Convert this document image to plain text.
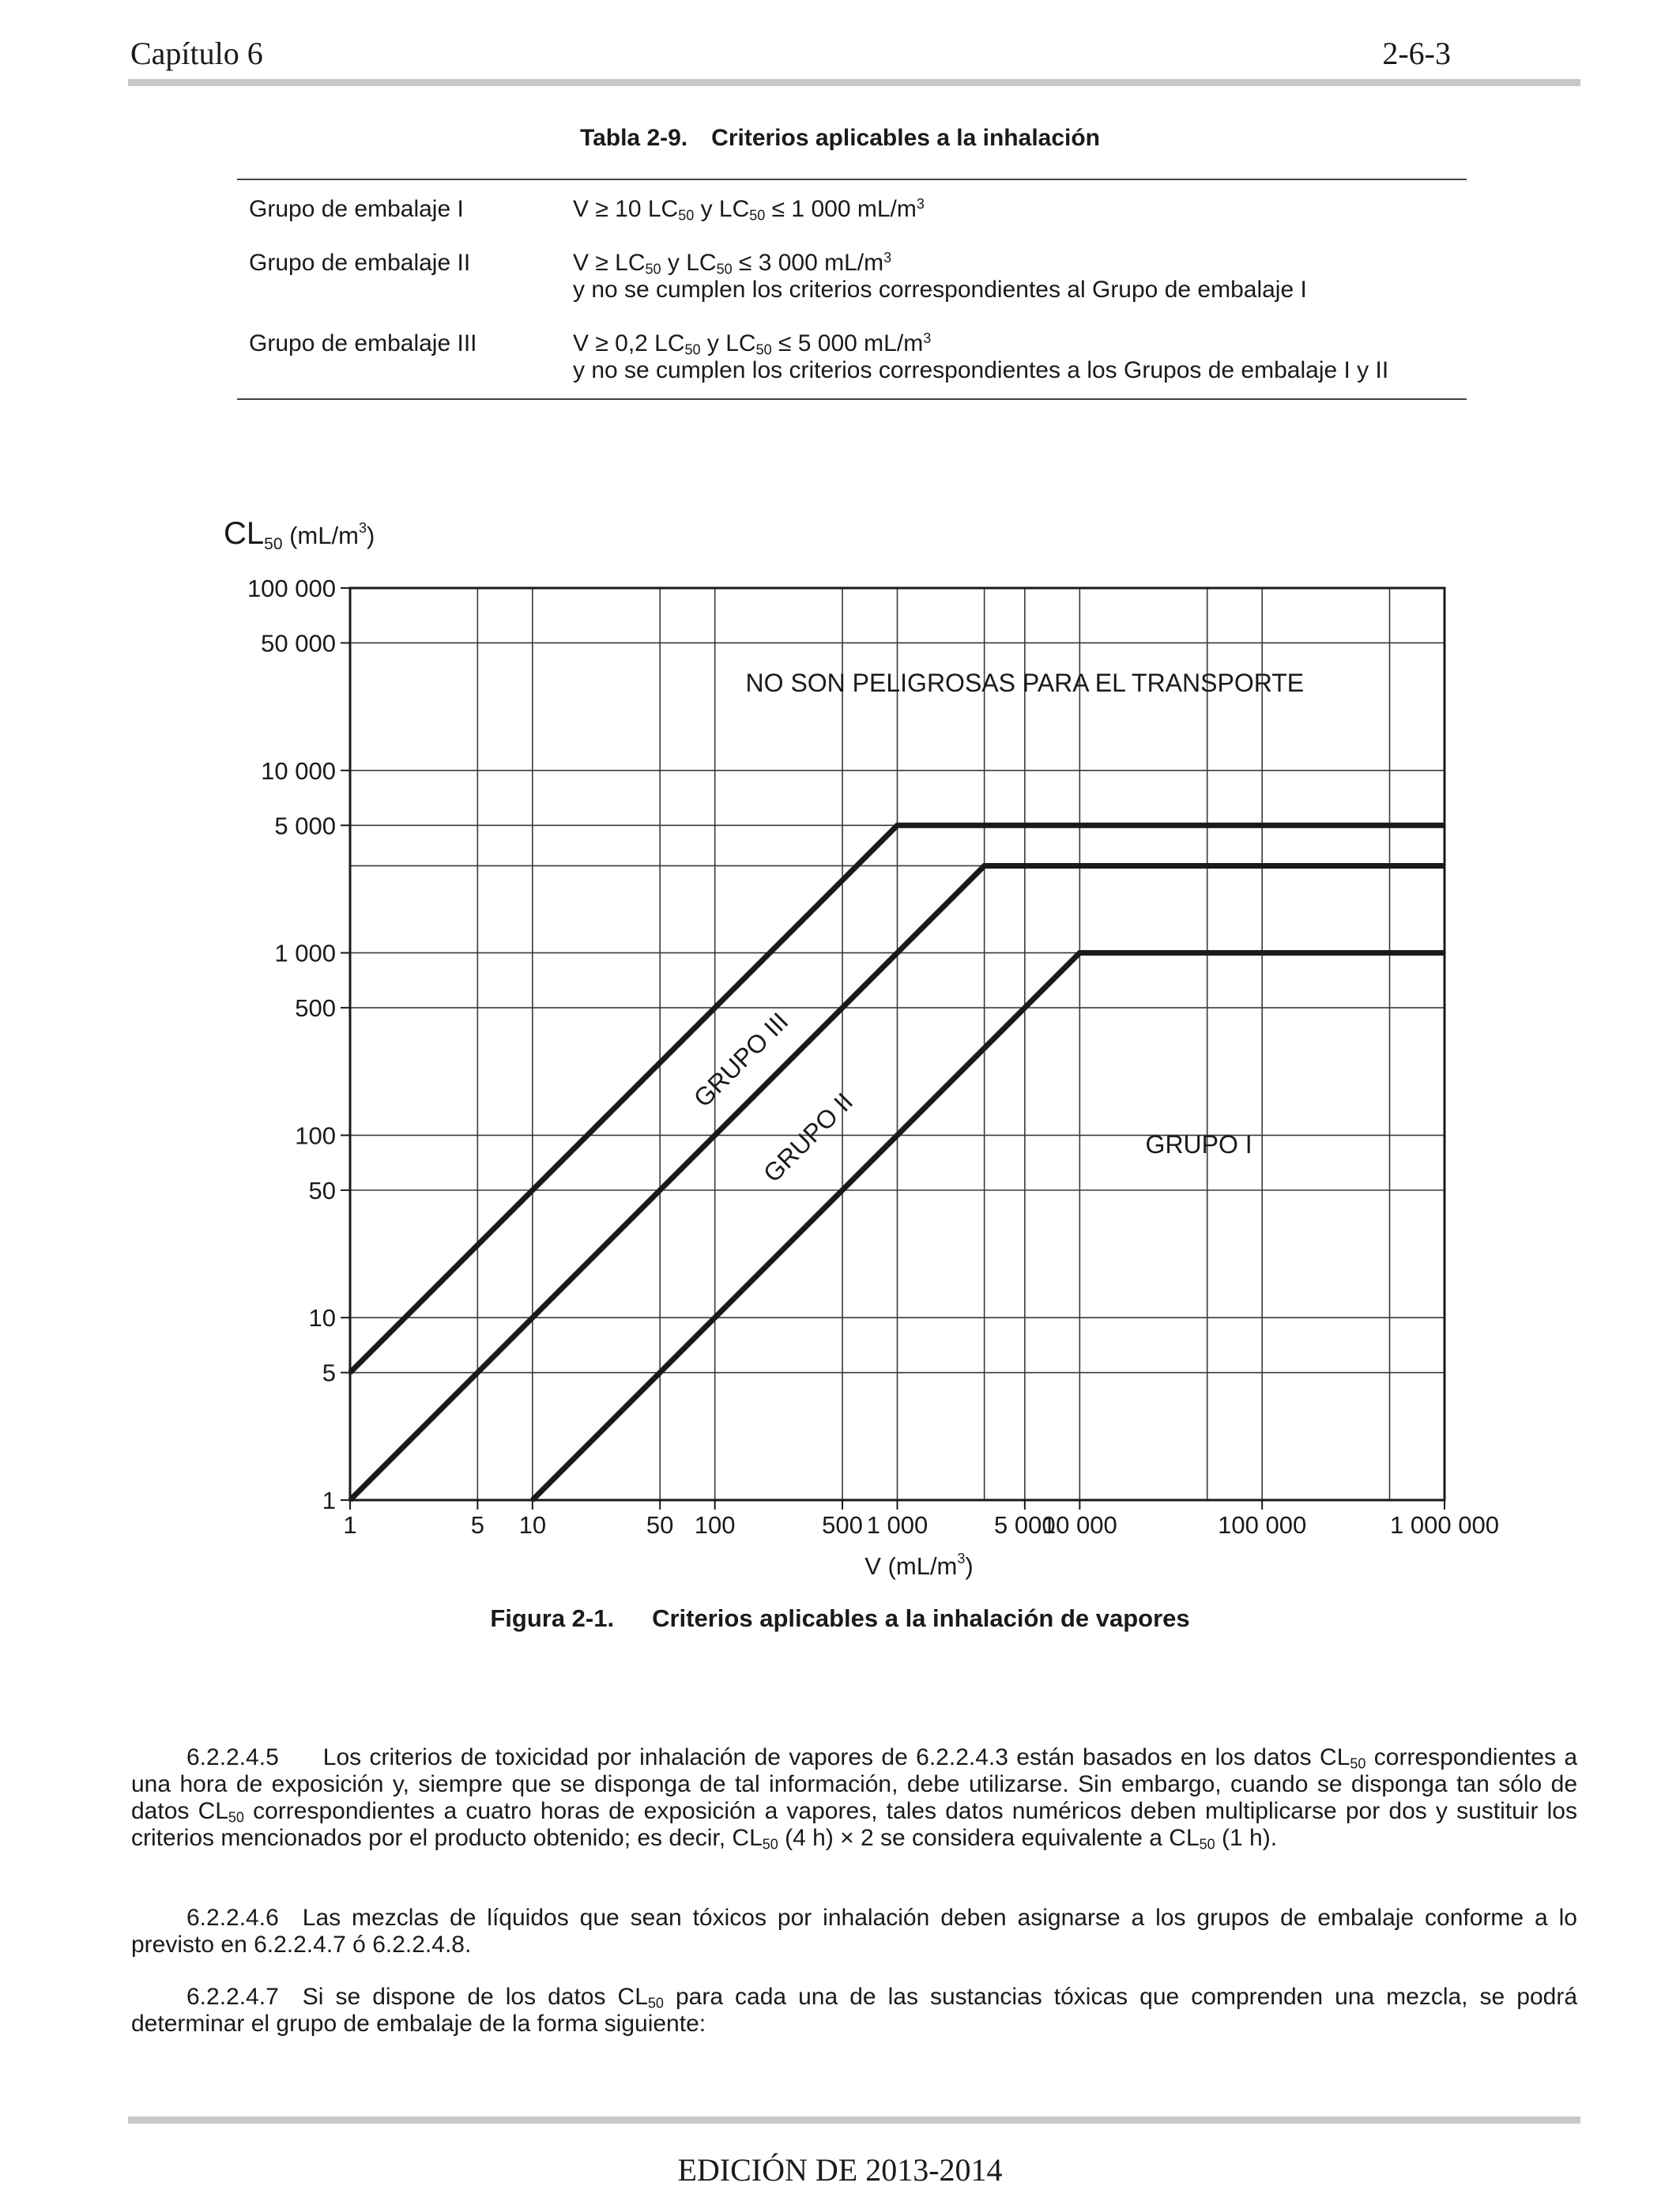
Capítulo 6	2-6-3
Tabla 2-9. Criterios aplicables a la inhalación
Grupo de embalaje I	V ≥ 10 $LC_{50}$ y $LC_{50} \le 1$ 000 $mL/m^3$
Grupo de embalaje II	$V \ge LC_{50}$ y $LC_{50} \le 3$ 000 $mL/m^3$
y no se cumplen los criterios correspondientes al Grupo de embalaje I
Grupo de embalaje III	V ≥ 0,2 $LC_{50}$ y $LC_{50} \le 5$ 000 $mL/m^3$
y no se cumplen los criterios correspondientes a los Grupos de embalaje I y II
1	5 10	50 100	500 1 000	5 000
10 000	100 000	1 000 000
1
5
10
50
100
500
1 000
5 000
10 000
50 000
100 000
NO SON PELIGROSAS PARA EL TRANSPORTE
GRUPO III
GRUPO II	GRUPO I
CL50 (mL/m3)
V (mL/m3)
Figura 2-1. Criterios aplicables a la inhalación de vapores
6.2.2.4.5 Los criterios de toxicidad por inhalación de vapores de 6.2.2.4.3 están basados en los datos $CL_{50}$ correspondientes a una hora de exposición y, siempre que se disponga de tal información, debe utilizarse. Sin embargo, cuando se disponga tan sólo de datos $CL_{50}$ correspondientes a cuatro horas de exposición a vapores, tales datos numéricos deben multiplicarse por dos y sustituir los criterios mencionados por el producto obtenido; es decir, $CL_{50}$ (4 h) × 2 se considera equivalente a $CL_{50}$ (1 h).
6.2.2.4.6 Las mezclas de líquidos que sean tóxicos por inhalación deben asignarse a los grupos de embalaje conforme a lo previsto en 6.2.2.4.7 ó 6.2.2.4.8.
6.2.2.4.7 Si se dispone de los datos $CL_{50}$ para cada una de las sustancias tóxicas que comprenden una mezcla, se podrá determinar el grupo de embalaje de la forma siguiente:
EDICIÓN DE 2013-2014
